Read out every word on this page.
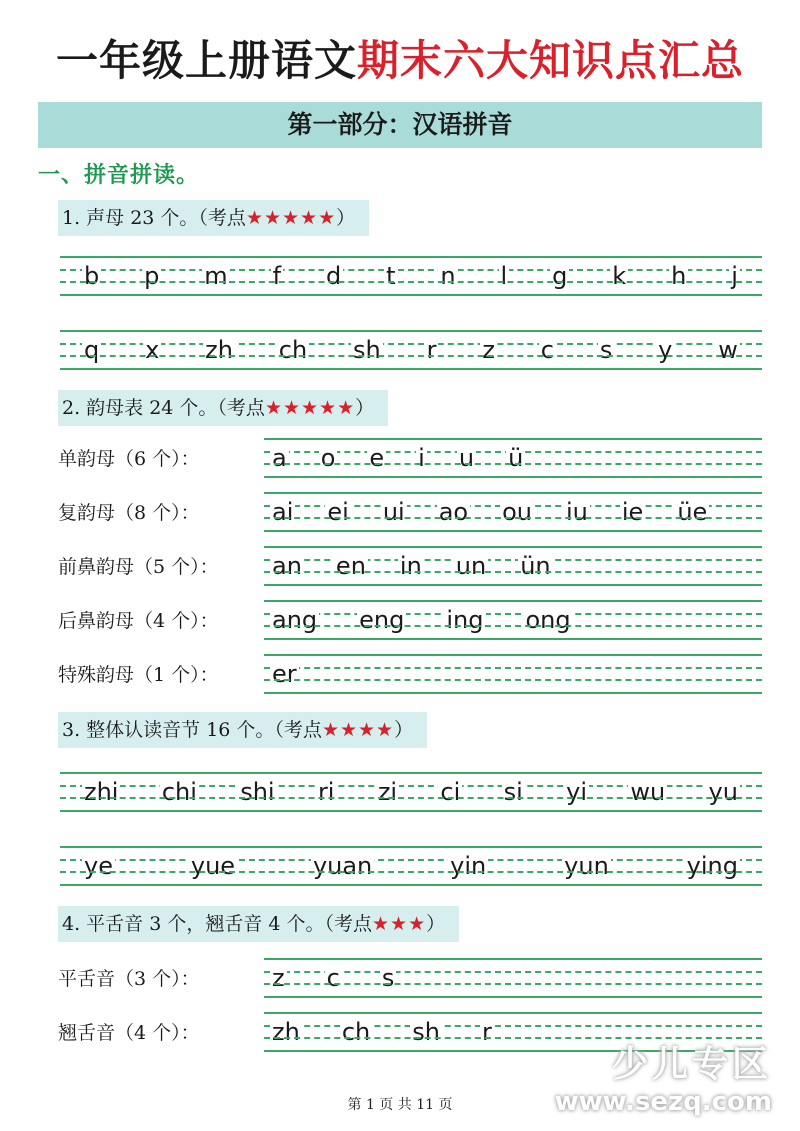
一年级上册语文期末六大知识点汇总
第一部分：汉语拼音
一、拼音拼读。
1. 声母 23 个。（考点★★★★★）
b p m f d t n l g k h j
q x zh ch sh r z c s y w
2. 韵母表 24 个。（考点★★★★★）
单韵母（6 个）：	a o e i u ü
复韵母（8 个）：	ai ei ui ao ou iu ie üe
前鼻韵母（5 个）： an en in un ün
后鼻韵母（4 个）： ang eng ing ong
特殊韵母（1 个）： er
3. 整体认读音节 16 个。（考点★★★★）
zhi chi shi ri zi ci si yi wu yu
ye	yue	yuan	yin	yun	ying
4. 平舌音 3 个，翘舌音 4 个。（考点★★★）
平舌音（3 个）：	z c s
翘舌音（4 个）：	zh ch sh r
第 1 页 共 11 页
少儿专区
www.sezq.com
